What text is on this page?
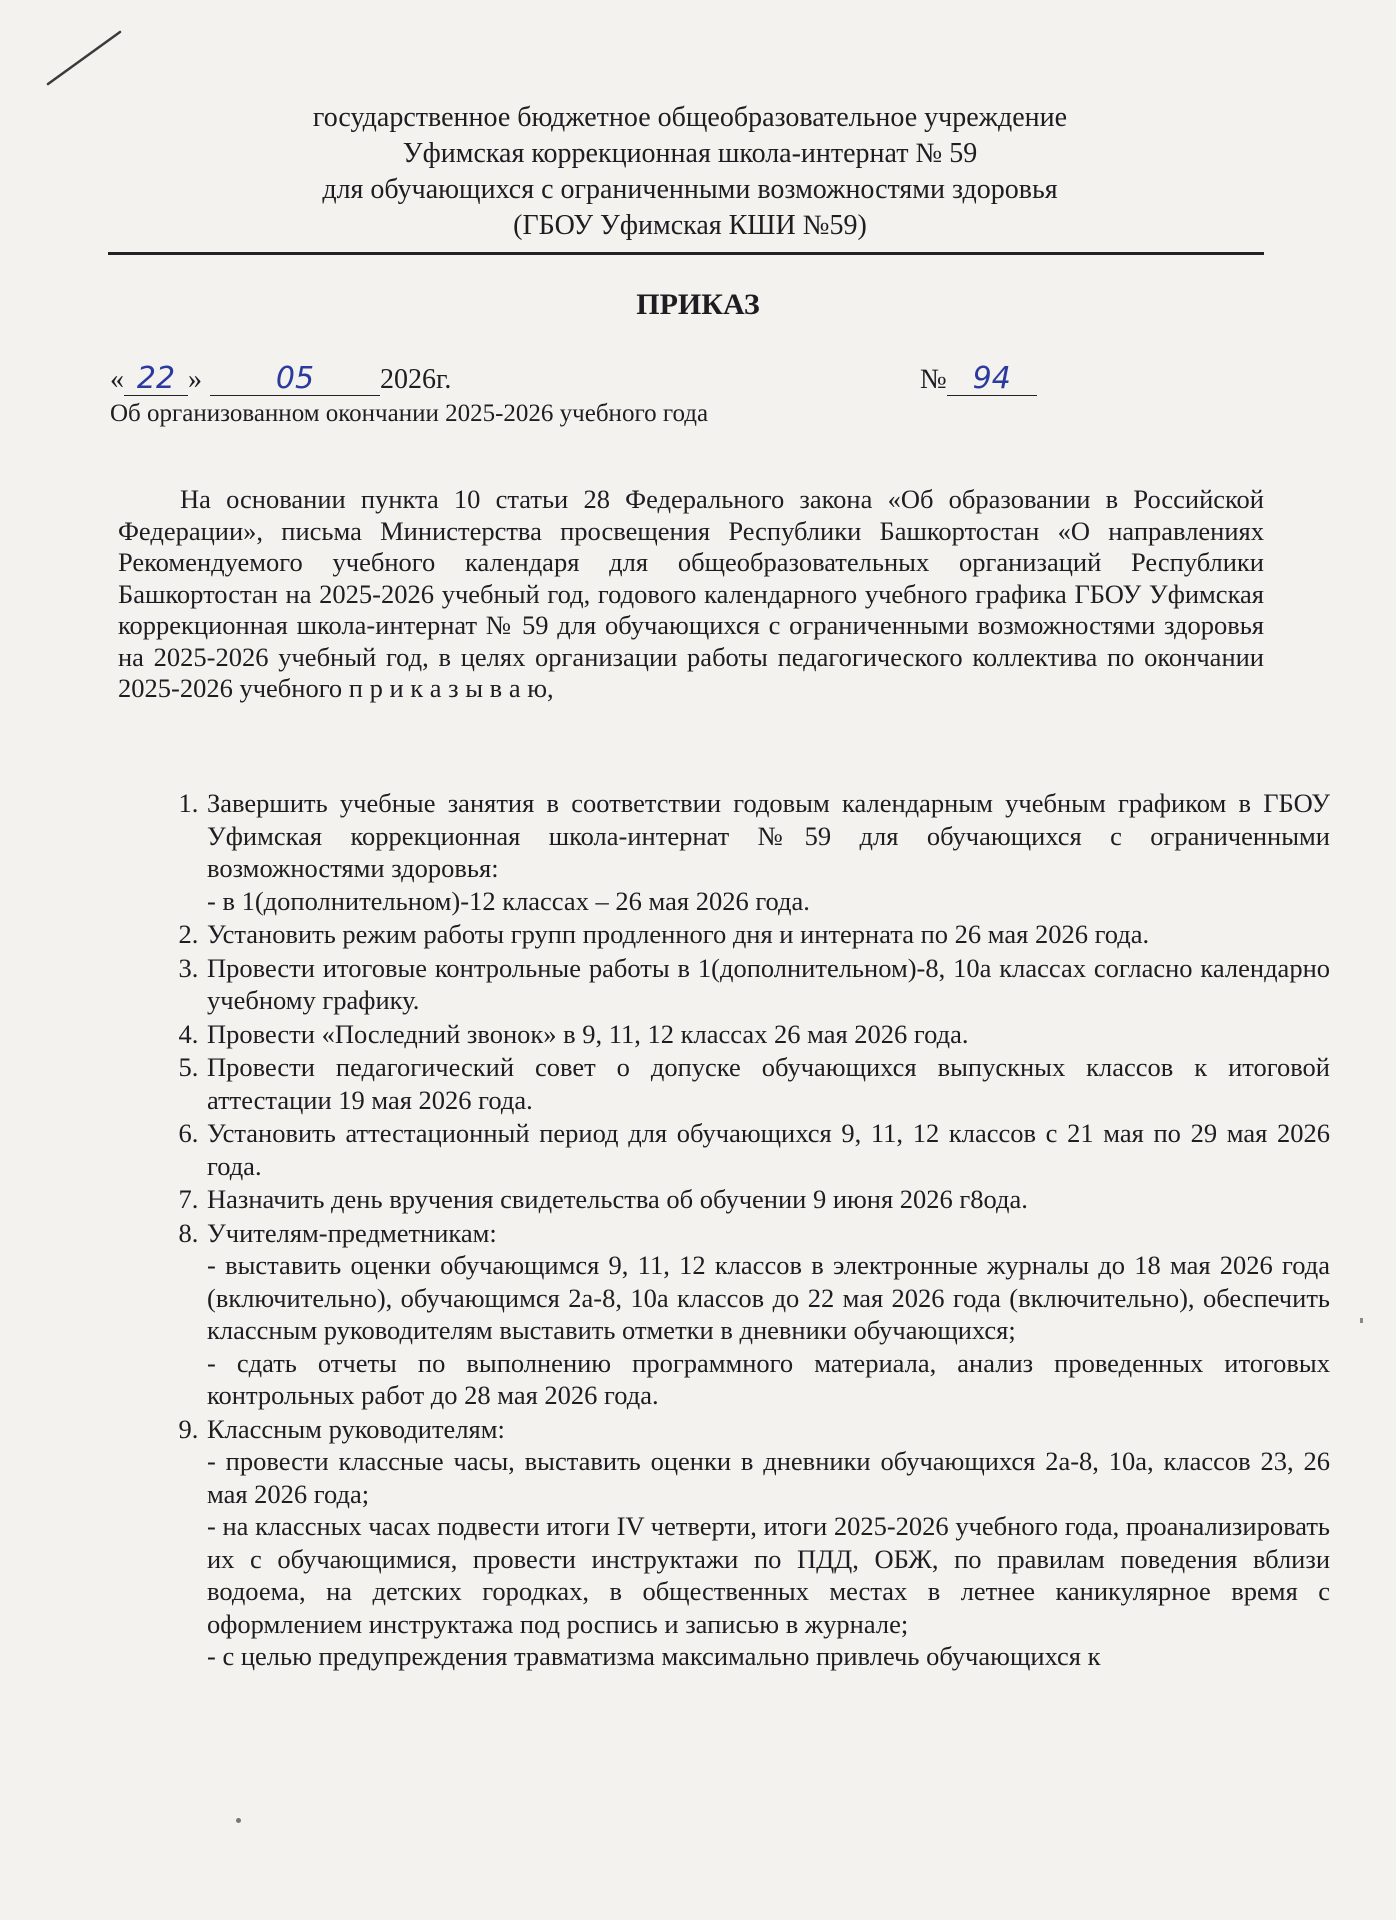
государственное бюджетное общеобразовательное учреждение
Уфимская коррекционная школа-интернат № 59
для обучающихся с ограниченными возможностями здоровья
(ГБОУ Уфимская КШИ №59)
ПРИКАЗ
« 22 » 05 2026г.	№ 94
Об организованном окончании 2025-2026 учебного года
На основании пункта 10 статьи 28 Федерального закона «Об образовании в Российской Федерации», письма Министерства просвещения Республики Башкортостан «О направлениях Рекомендуемого учебного календаря для общеобразовательных организаций Республики Башкортостан на 2025-2026 учебный год, годового календарного учебного графика ГБОУ Уфимская коррекционная школа-интернат № 59 для обучающихся с ограниченными возможностями здоровья на 2025-2026 учебный год, в целях организации работы педагогического коллектива по окончании 2025-2026 учебного п р и к а з ы в а ю,
1. Завершить учебные занятия в соответствии годовым календарным учебным графиком в ГБОУ Уфимская коррекционная школа-интернат №59 для обучающихся с ограниченными возможностями здоровья:
- в 1(дополнительном)-12 классах – 26 мая 2026 года.
2. Установить режим работы групп продленного дня и интерната по 26 мая 2026 года.
3. Провести итоговые контрольные работы в 1(дополнительном)-8, 10а классах согласно календарно учебному графику.
4. Провести «Последний звонок» в 9, 11, 12 классах 26 мая 2026 года.
5. Провести педагогический совет о допуске обучающихся выпускных классов к итоговой аттестации 19 мая 2026 года.
6. Установить аттестационный период для обучающихся 9, 11, 12 классов с 21 мая по 29 мая 2026 года.
7. Назначить день вручения свидетельства об обучении 9 июня 2026 г8ода.
8. Учителям-предметникам:
- выставить оценки обучающимся 9, 11, 12 классов в электронные журналы до 18 мая 2026 года (включительно), обучающимся 2а-8, 10а классов до 22 мая 2026 года (включительно), обеспечить классным руководителям выставить отметки в дневники обучающихся;
- сдать отчеты по выполнению программного материала, анализ проведенных итоговых контрольных работ до 28 мая 2026 года.
9. Классным руководителям:
- провести классные часы, выставить оценки в дневники обучающихся 2а-8, 10а, классов 23, 26 мая 2026 года;
- на классных часах подвести итоги IV четверти, итоги 2025-2026 учебного года, проанализировать их с обучающимися, провести инструктажи по ПДД, ОБЖ, по правилам поведения вблизи водоема, на детских городках, в общественных местах в летнее каникулярное время с оформлением инструктажа под роспись и записью в журнале;
- с целью предупреждения травматизма максимально привлечь обучающихся к
